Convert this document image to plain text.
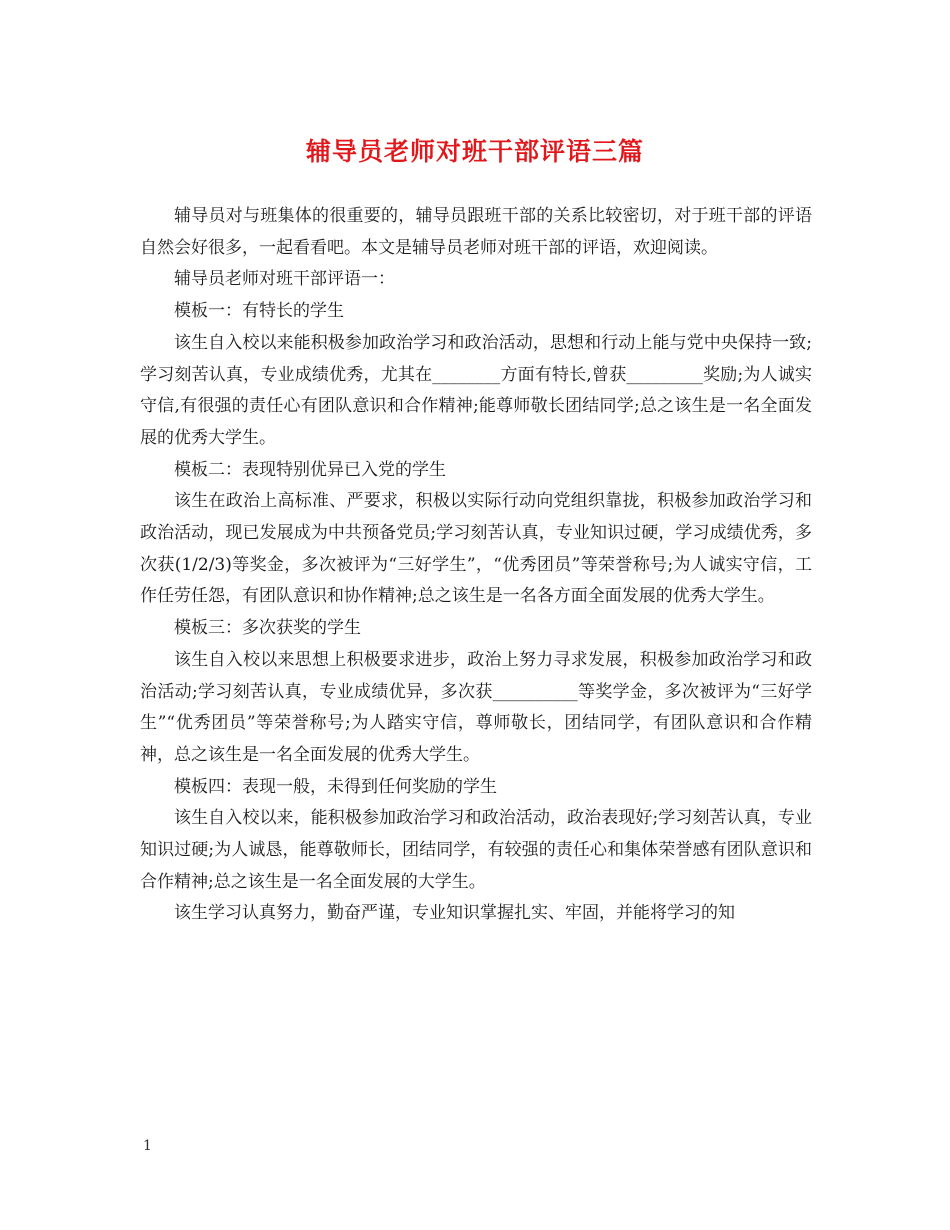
辅导员老师对班干部评语三篇

辅导员对与班集体的很重要的，辅导员跟班干部的关系比较密切，对于班干部的评语自然会好很多，一起看看吧。本文是辅导员老师对班干部的评语，欢迎阅读。

辅导员老师对班干部评语一：

模板一：有特长的学生

该生自入校以来能积极参加政治学习和政治活动，思想和行动上能与党中央保持一致;学习刻苦认真，专业成绩优秀，尤其在________方面有特长,曾获_________奖励;为人诚实守信,有很强的责任心有团队意识和合作精神;能尊师敬长团结同学;总之该生是一名全面发展的优秀大学生。

模板二：表现特别优异已入党的学生

该生在政治上高标准、严要求，积极以实际行动向党组织靠拢，积极参加政治学习和政治活动，现已发展成为中共预备党员;学习刻苦认真，专业知识过硬，学习成绩优秀，多次获(1/2/3)等奖金，多次被评为“三好学生”，“优秀团员”等荣誉称号;为人诚实守信，工作任劳任怨，有团队意识和协作精神;总之该生是一名各方面全面发展的优秀大学生。

模板三：多次获奖的学生

该生自入校以来思想上积极要求进步，政治上努力寻求发展，积极参加政治学习和政治活动;学习刻苦认真，专业成绩优异，多次获__________等奖学金，多次被评为“三好学生”“优秀团员”等荣誉称号;为人踏实守信，尊师敬长，团结同学，有团队意识和合作精神，总之该生是一名全面发展的优秀大学生。

模板四：表现一般，未得到任何奖励的学生

该生自入校以来，能积极参加政治学习和政治活动，政治表现好;学习刻苦认真，专业知识过硬;为人诚恳，能尊敬师长，团结同学，有较强的责任心和集体荣誉感有团队意识和合作精神;总之该生是一名全面发展的大学生。

该生学习认真努力，勤奋严谨，专业知识掌握扎实、牢固，并能将学习的知

1
